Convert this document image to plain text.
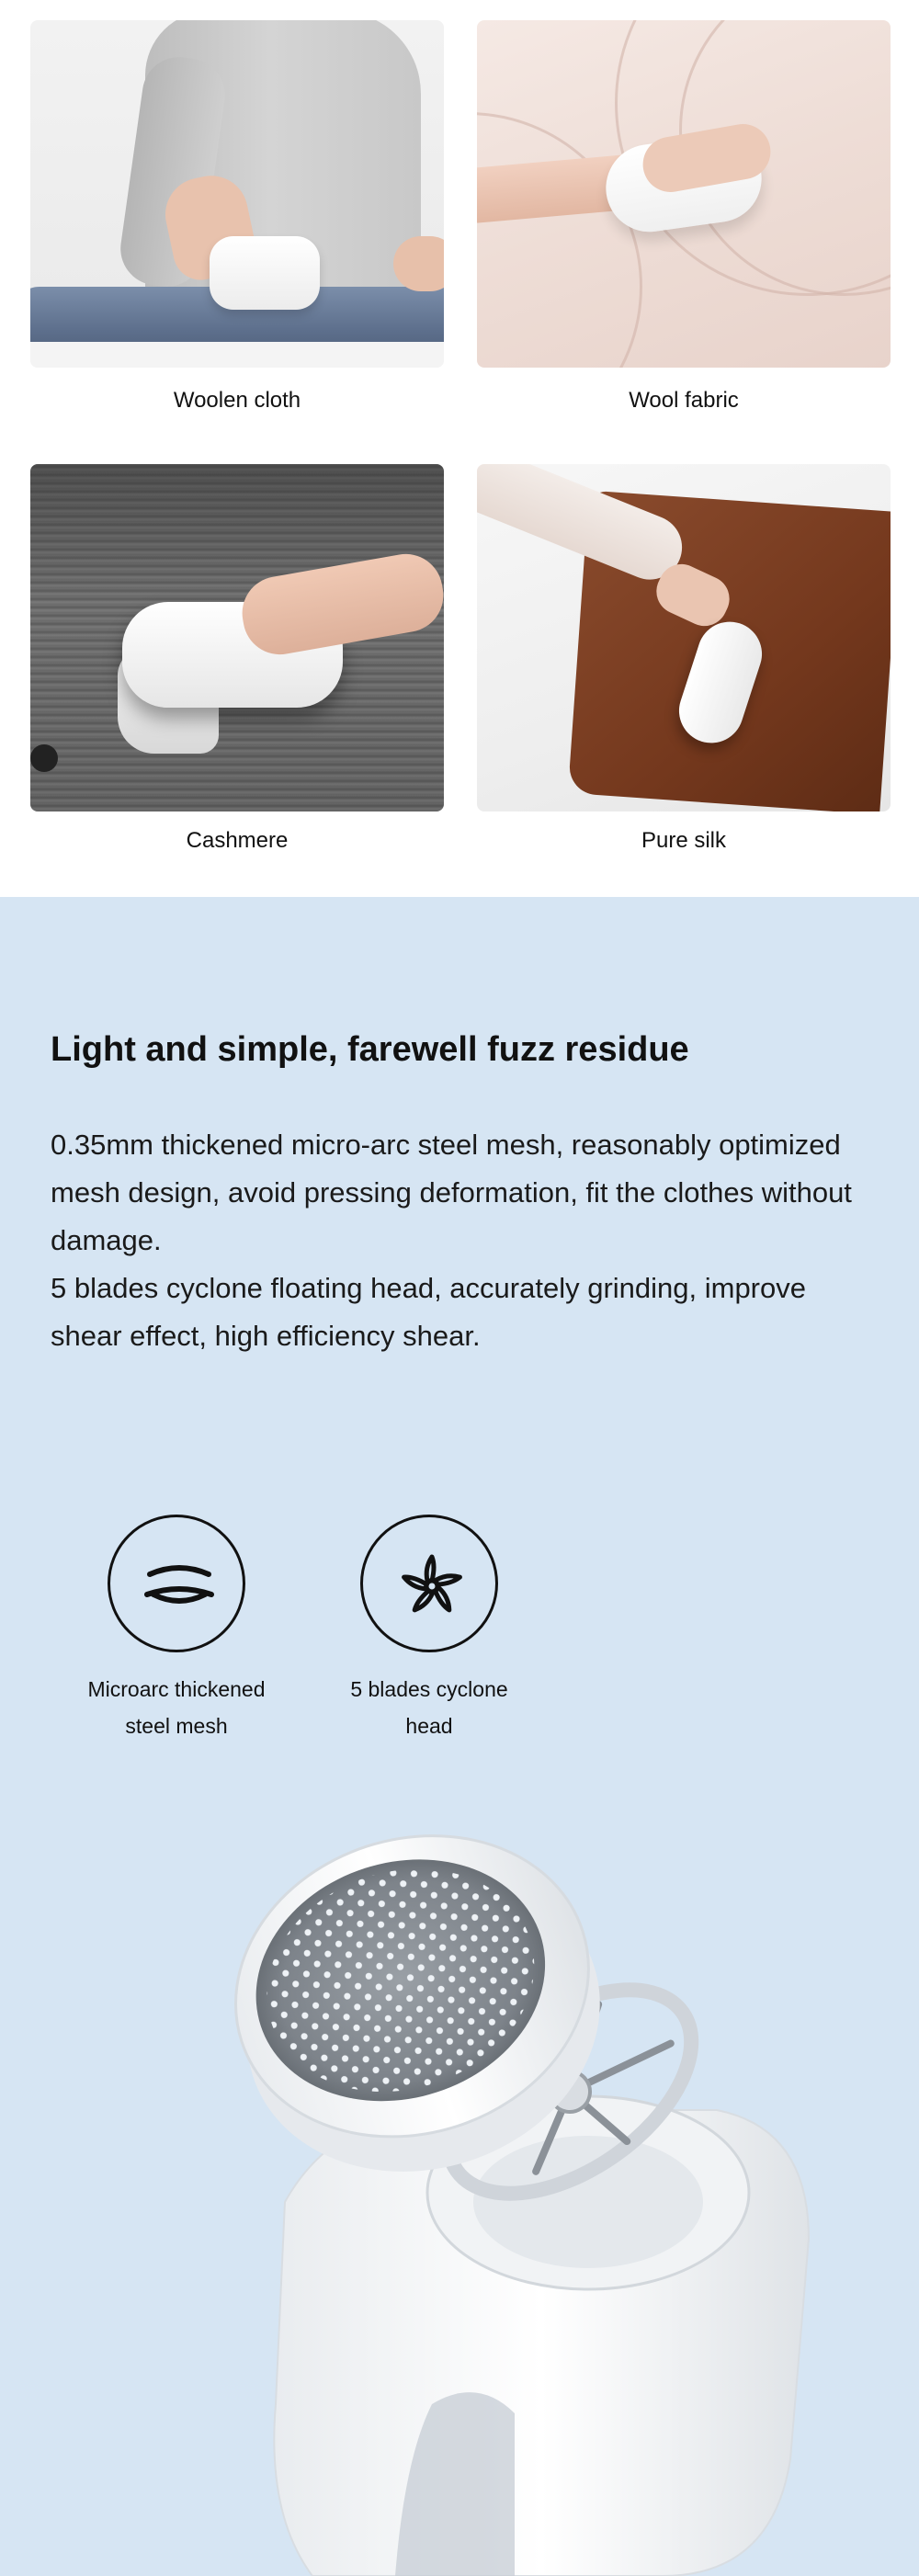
Woolen cloth	Wool fabric
Cashmere	Pure silk
Light and simple, farewell fuzz residue

0.35mm thickened micro-arc steel mesh, reasonably optimized mesh design, avoid pressing deformation, fit the clothes without damage.

5 blades cyclone floating head, accurately grinding, improve shear effect, high efficiency shear.

Microarc thickened
steel mesh
5 blades cyclone
head
